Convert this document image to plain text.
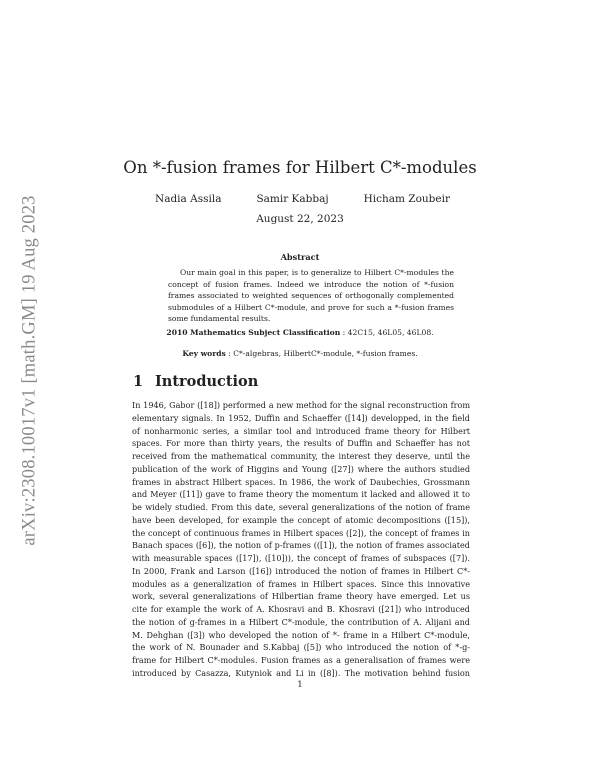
arXiv:2308.10017v1 [math.GM] 19 Aug 2023
On *-fusion frames for Hilbert C*-modules
Nadia Assila	Samir Kabbaj	Hicham Zoubeir
August 22, 2023
Abstract
Our main goal in this paper, is to generalize to Hilbert C*-modules the concept of fusion frames. Indeed we introduce the notion of *-fusion frames associated to weighted sequences of orthogonally complemented submodules of a Hilbert C*-module, and prove for such a *-fusion frames some fundamental results.
2010 Mathematics Subject Classification : 42C15, 46L05, 46L08.
Key words : C*-algebras, HilbertC*-module, *-fusion frames.
1 Introduction
In 1946, Gabor ([18]) performed a new method for the signal reconstruction from
elementary signals. In 1952, Duffin and Schaeffer ([14]) developped, in the field
of nonharmonic series, a similar tool and introduced frame theory for Hilbert
spaces. For more than thirty years, the results of Duffin and Schaeffer has not
received from the mathematical community, the interest they deserve, until the
publication of the work of Higgins and Young ([27]) where the authors studied
frames in abstract Hilbert spaces. In 1986, the work of Daubechies, Grossmann
and Meyer ([11]) gave to frame theory the momentum it lacked and allowed it to
be widely studied. From this date, several generalizations of the notion of frame
have been developed, for example the concept of atomic decompositions ([15]),
the concept of continuous frames in Hilbert spaces ([2]), the concept of frames in
Banach spaces ([6]), the notion of p-frames (([1]), the notion of frames associated
with measurable spaces ([17]), ([10])), the concept of frames of subspaces ([7]).
In 2000, Frank and Larson ([16]) introduced the notion of frames in Hilbert C*-
modules as a generalization of frames in Hilbert spaces. Since this innovative
work, several generalizations of Hilbertian frame theory have emerged. Let us
cite for example the work of A. Khosravi and B. Khosravi ([21]) who introduced
the notion of g-frames in a Hilbert C*-module, the contribution of A. Alijani and
M. Dehghan ([3]) who developed the notion of *- frame in a Hilbert C*-module,
the work of N. Bounader and S.Kabbaj ([5]) who introduced the notion of *-g-
frame for Hilbert C*-modules. Fusion frames as a generalisation of frames were
introduced by Casazza, Kutyniok and Li in ([8]). The motivation behind fusion
1
